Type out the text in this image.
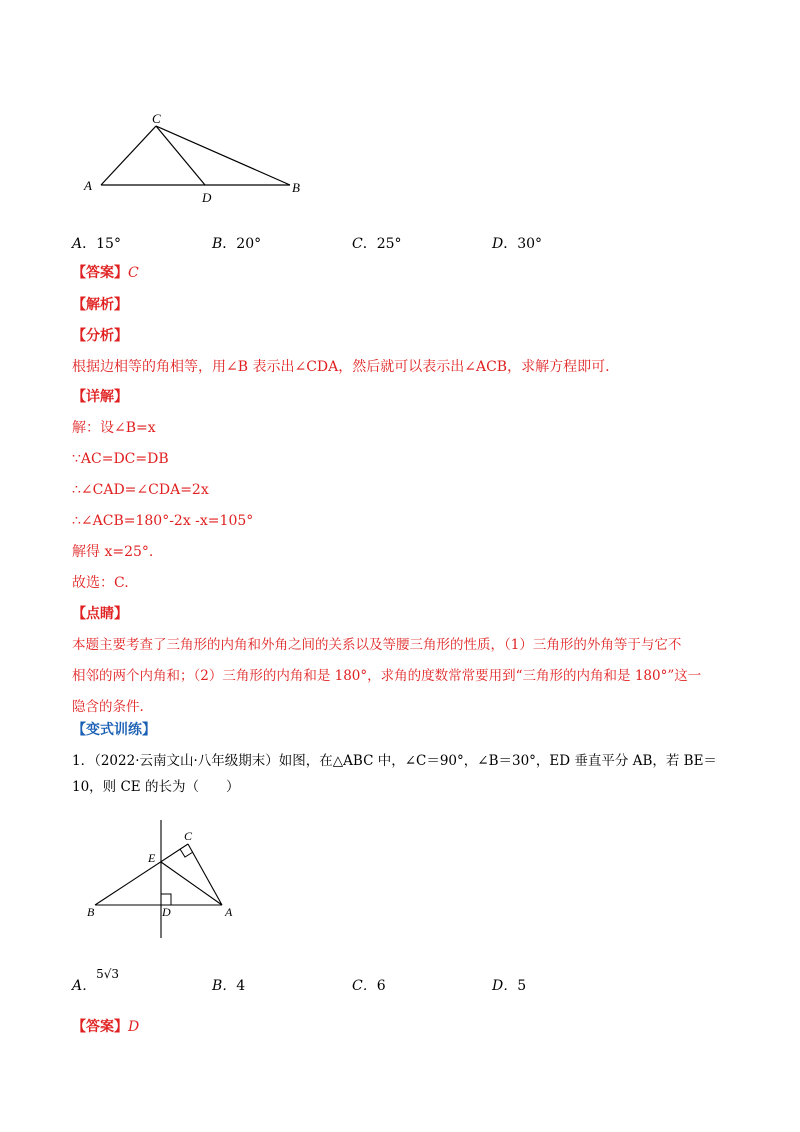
C
A
D
B
A．15°	B．20°	C．25°	D．30°
【答案】C
【解析】
【分析】
根据边相等的角相等，用∠B 表示出∠CDA，然后就可以表示出∠ACB，求解方程即可.
【详解】
解：设∠B=x
∵AC=DC=DB
∴∠CAD=∠CDA=2x
∴∠ACB=180°-2x -x=105°
解得 x=25°.
故选：C.
【点睛】
本题主要考查了三角形的内角和外角之间的关系以及等腰三角形的性质，（1）三角形的外角等于与它不
相邻的两个内角和；（2）三角形的内角和是 180°，求角的度数常常要用到“三角形的内角和是 180°”这一
隐含的条件.
【变式训练】
1．（2022·云南文山·八年级期末）如图，在△ABC 中，∠C＝90°，∠B＝30°，ED 垂直平分 AB，若 BE＝
10，则 CE 的长为（　　）
C
E
B	D	A
A．5√3
B．4	C．6	D．5
【答案】D
